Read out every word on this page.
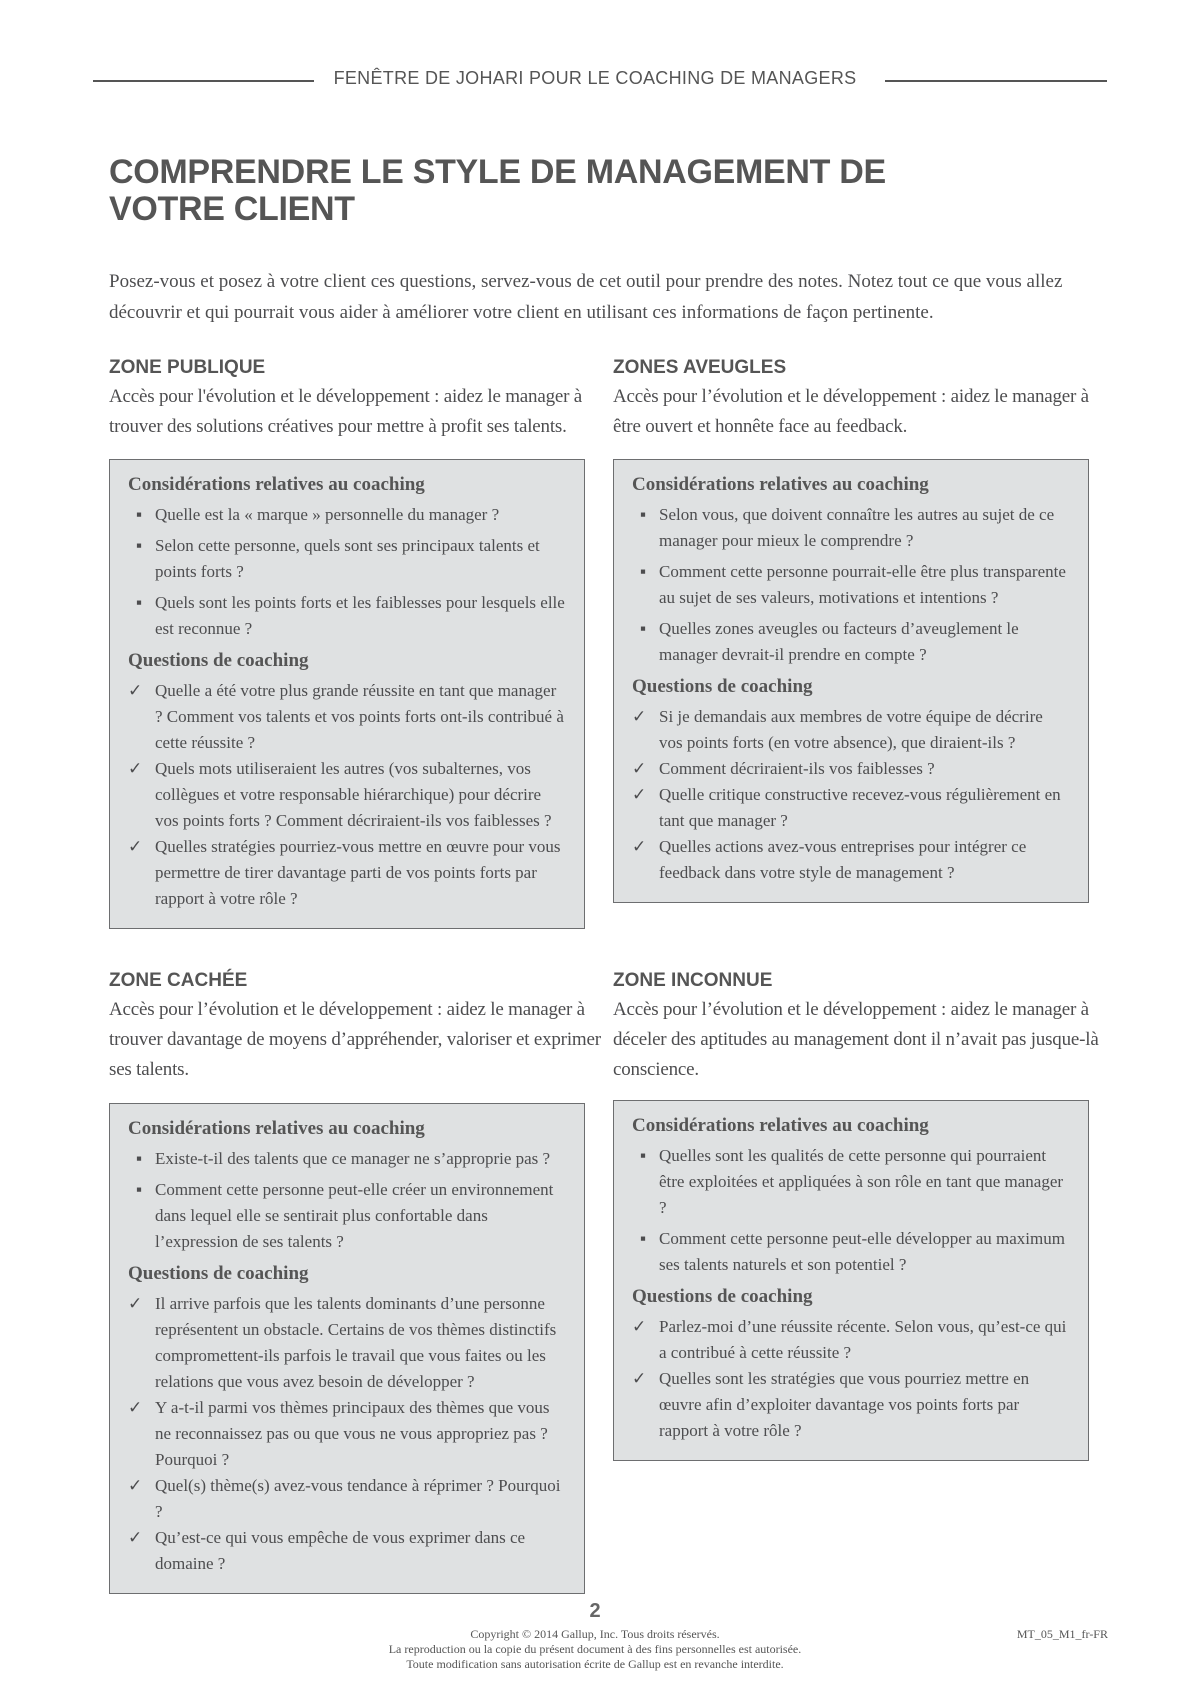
FENÊTRE DE JOHARI POUR LE COACHING DE MANAGERS
COMPRENDRE LE STYLE DE MANAGEMENT DE VOTRE CLIENT
Posez-vous et posez à votre client ces questions, servez-vous de cet outil pour prendre des notes. Notez tout ce que vous allez découvrir et qui pourrait vous aider à améliorer votre client en utilisant ces informations de façon pertinente.
ZONE PUBLIQUE
Accès pour l'évolution et le développement : aidez le manager à trouver des solutions créatives pour mettre à profit ses talents.
Considérations relatives au coaching
▪ Quelle est la « marque » personnelle du manager ?
▪ Selon cette personne, quels sont ses principaux talents et points forts ?
▪ Quels sont les points forts et les faiblesses pour lesquels elle est reconnue ?
Questions de coaching
✓ Quelle a été votre plus grande réussite en tant que manager ? Comment vos talents et vos points forts ont-ils contribué à cette réussite ?
✓ Quels mots utiliseraient les autres (vos subalternes, vos collègues et votre responsable hiérarchique) pour décrire vos points forts ? Comment décriraient-ils vos faiblesses ?
✓ Quelles stratégies pourriez-vous mettre en œuvre pour vous permettre de tirer davantage parti de vos points forts par rapport à votre rôle ?
ZONES AVEUGLES
Accès pour l’évolution et le développement : aidez le manager à être ouvert et honnête face au feedback.
Considérations relatives au coaching
▪ Selon vous, que doivent connaître les autres au sujet de ce manager pour mieux le comprendre ?
▪ Comment cette personne pourrait-elle être plus transparente au sujet de ses valeurs, motivations et intentions ?
▪ Quelles zones aveugles ou facteurs d’aveuglement le manager devrait-il prendre en compte ?
Questions de coaching
✓ Si je demandais aux membres de votre équipe de décrire vos points forts (en votre absence), que diraient-ils ?
✓ Comment décriraient-ils vos faiblesses ?
✓ Quelle critique constructive recevez-vous régulièrement en tant que manager ?
✓ Quelles actions avez-vous entreprises pour intégrer ce feedback dans votre style de management ?
ZONE CACHÉE
Accès pour l’évolution et le développement : aidez le manager à trouver davantage de moyens d’appréhender, valoriser et exprimer ses talents.
Considérations relatives au coaching
▪ Existe-t-il des talents que ce manager ne s’approprie pas ?
▪ Comment cette personne peut-elle créer un environnement dans lequel elle se sentirait plus confortable dans l’expression de ses talents ?
Questions de coaching
✓ Il arrive parfois que les talents dominants d’une personne représentent un obstacle. Certains de vos thèmes distinctifs compromettent-ils parfois le travail que vous faites ou les relations que vous avez besoin de développer ?
✓ Y a-t-il parmi vos thèmes principaux des thèmes que vous ne reconnaissez pas ou que vous ne vous appropriez pas ? Pourquoi ?
✓ Quel(s) thème(s) avez-vous tendance à réprimer ? Pourquoi ?
✓ Qu’est-ce qui vous empêche de vous exprimer dans ce domaine ?
ZONE INCONNUE
Accès pour l’évolution et le développement : aidez le manager à déceler des aptitudes au management dont il n’avait pas jusque-là conscience.
Considérations relatives au coaching
▪ Quelles sont les qualités de cette personne qui pourraient être exploitées et appliquées à son rôle en tant que manager ?
▪ Comment cette personne peut-elle développer au maximum ses talents naturels et son potentiel ?
Questions de coaching
✓ Parlez-moi d’une réussite récente. Selon vous, qu’est-ce qui a contribué à cette réussite ?
✓ Quelles sont les stratégies que vous pourriez mettre en œuvre afin d’exploiter davantage vos points forts par rapport à votre rôle ?
2
Copyright © 2014 Gallup, Inc. Tous droits réservés.
La reproduction ou la copie du présent document à des fins personnelles est autorisée.
Toute modification sans autorisation écrite de Gallup est en revanche interdite.
MT_05_M1_fr-FR
